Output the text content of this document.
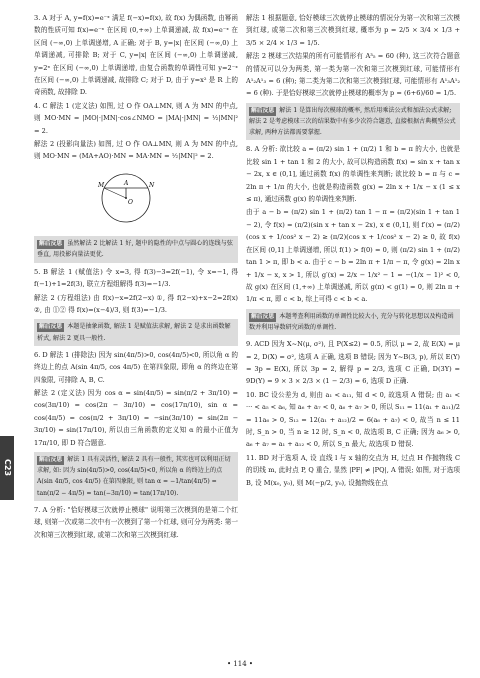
C23

3. A 对于 A, y=f(x)=e⁻ˣ 满足 f(−x)=f(x), 故 f(x) 为偶函数, 由幂函数的性质可知 f(x)=e⁻ˣ 在区间 (0,+∞) 上单调递减, 故 f(x)=e⁻ˣ 在区间 (−∞,0) 上单调递增, A 正确; 对于 B, y=|x| 在区间 (−∞,0) 上单调递减, 可排除 B; 对于 C, y=|x| 在区间 (−∞,0) 上单调递减, y=2ˣ 在区间 (−∞,0) 上单调递增, 由复合函数的单调性可知 y=2⁻ˣ 在区间 (−∞,0) 上单调递减, 故排除 C; 对于 D, 由于 y=x² 是 R 上的奇函数, 故排除 D.

4. C 解法 1 (定义法) 如图, 过 O 作 OA⊥MN, 则 A 为 MN 的中点, 则 MO·MN = |MO|·|MN|·cos∠NMO = |MA|·|MN| = ½|MN|² = 2.

解法 2 (投影向量法) 如图, 过 O 作 OA⊥MN, 则 A 为 MN 的中点, 则 MO·MN = (MA+AO)·MN = MA·MN = ½|MN|² = 2.

M	N
A
O
解后反思 虽然解法 2 比解法 1 好, 题中的隐性的中点与圆心的连线与弦垂直, 用投影向量法更优.

5. B 解法 1 (赋值法) 令 x=3, 得 f(3)−3=2f(−1), 令 x=−1, 得 f(−1)+1=2f(3), 联立方程组解得 f(3)=−1/3.

解法 2 (方程组法) 由 f(x)−x=2f(2−x) ①, 得 f(2−x)+x−2=2f(x) ②, 由 ①② 得 f(x)=(x−4)/3, 则 f(3)=−1/3.

解后反思 本题是抽象函数, 解法 1 是赋值法求解, 解法 2 是求出函数解析式, 解法 2 更具一般性.

6. D 解法 1 (排除法) 因为 sin(4π/5)>0, cos(4π/5)<0, 所以角 α 的终边上的点 A(sin 4π/5, cos 4π/5) 在第四象限, 即角 α 的终边在第四象限, 可排除 A, B, C.

解法 2 (定义法) 因为 cos α = sin(4π/5) = sin(π/2 + 3π/10) = cos(3π/10) = cos(2π − 3π/10) = cos(17π/10), sin α = cos(4π/5) = cos(π/2 + 3π/10) = −sin(3π/10) = sin(2π − 3π/10) = sin(17π/10), 所以由三角函数的定义知 α 的最小正值为 17π/10, 即 D 符合题意.

解后反思 解法 1 具有灵活性, 解法 2 具有一般性, 其实也可以利用正切求解, 如: 因为 sin(4π/5)>0, cos(4π/5)<0, 所以角 α 的终边上的点 A(sin 4π/5, cos 4π/5) 在第四象限, 则 tan α = −1/tan(4π/5) = tan(π/2 − 4π/5) = tan(−3π/10) = tan(17π/10).

7. A 分析: "恰好模球三次就停止模球" 说明第三次模到的是第二个红球, 则第一次或第二次中有一次模到了第一个红球, 则可分为两类: 第一次和第三次模到红球, 或第二次和第三次模到红球.

解法 1 根据题意, 恰好模球三次就停止模球的情况分为第一次和第三次模到红球, 或第二次和第三次模到红球, 概率为 p = 2/5 × 3/4 × 1/3 + 3/5 × 2/4 × 1/3 = 1/5.

解法 2 模球三次结果的所有可能情形有 A³₅ = 60 (种), 这三次符合题意的情况可以分为两类, 第一类为第一次和第三次模到红球, 可能情形有 A¹₂A¹₃ = 6 (种); 第二类为第二次和第三次模到红球, 可能情形有 A¹₃A¹₂ = 6 (种). 于是恰好模球三次就停止模球的概率为 p = (6+6)/60 = 1/5.

解后反思 解法 1 是算出每次模球的概率, 然后用乘法公式和加法公式求解; 解法 2 是考虑模球三次的结果数中有多少次符合题意, 直接根据古典概型公式求解, 两种方法都需要掌握.

8. A 分析: 欲比较 a = (π/2) sin 1 + (π/2) 1 和 b = π 的大小, 也就是比较 sin 1 + tan 1 和 2 的大小, 故可以构造函数 f(x) = sin x + tan x − 2x, x ∈ (0,1], 通过函数 f(x) 的单调性来判断; 欲比较 b = π 与 c = 2ln π + 1/π 的大小, 也就是构造函数 g(x) = 2ln x + 1/x − x (1 ≤ x ≤ π), 通过函数 g(x) 的单调性来判断.

由于 a − b = (π/2) sin 1 + (π/2) tan 1 − π = (π/2)(sin 1 + tan 1 − 2), 令 f(x) = (π/2)(sin x + tan x − 2x), x ∈ (0,1], 则 f′(x) = (π/2)(cos x + 1/cos² x − 2) ≥ (π/2)(cos x + 1/cos² x − 2) ≥ 0, 故 f(x) 在区间 (0,1] 上单调递增, 所以 f(1) > f(0) = 0, 则 (π/2) sin 1 + (π/2) tan 1 > π, 即 b < a. 由于 c − b = 2ln π + 1/π − π, 令 g(x) = 2ln x + 1/x − x, x > 1, 所以 g′(x) = 2/x − 1/x² − 1 = −(1/x − 1)² < 0, 故 g(x) 在区间 (1,+∞) 上单调递减, 所以 g(π) < g(1) = 0, 则 2ln π + 1/π < π, 即 c < b, 综上可得 c < b < a.

解后反思 本题考查利用函数的单调性比较大小, 充分与转化思想以及构造函数并利用导数研究函数的单调性.

9. ACD 因为 X~N(μ, σ²), 且 P(X≤2) = 0.5, 所以 μ = 2, 故 E(X) = μ = 2, D(X) = σ², 选项 A 正确, 选项 B 错误; 因为 Y~B(3, p), 所以 E(Y) = 3p = E(X), 所以 3p = 2, 解得 p = 2/3, 选项 C 正确, D(3Y) = 9D(Y) = 9 × 3 × 2/3 × (1 − 2/3) = 6, 选项 D 正确.

10. BC 设公差为 d, 则由 a₁ < a₁₁, 知 d < 0, 故选项 A 错误; 由 a₁ < ··· < a₅ < a₆, 知 a₆ + a₇ < 0, a₆ + a₇ > 0, 所以 S₁₁ = 11(a₁ + a₁₁)/2 = 11a₆ > 0, S₁₂ = 12(a₁ + a₁₂)/2 = 6(a₆ + a₇) < 0, 故当 n ≤ 11 时, S_n > 0, 当 n ≥ 12 时, S_n < 0, 故选项 B, C 正确; 因为 a₆ > 0, a₆ + a₇ = a₁ + a₁₂ < 0, 所以 S_n 最大, 故选项 D 错误.

11. BD 对于选项 A, 设 直线 l 与 x 轴的交点为 H, 过点 H 作抛物线 C 的切线 m, 此时点 P, Q 重合, 显然 |PF| ≠ |PQ|, A 错误; 如图, 对于选项 B, 设 M(x₀, y₀), 则 M(−p/2, y₀), 设抛物线在点

• 114 •
